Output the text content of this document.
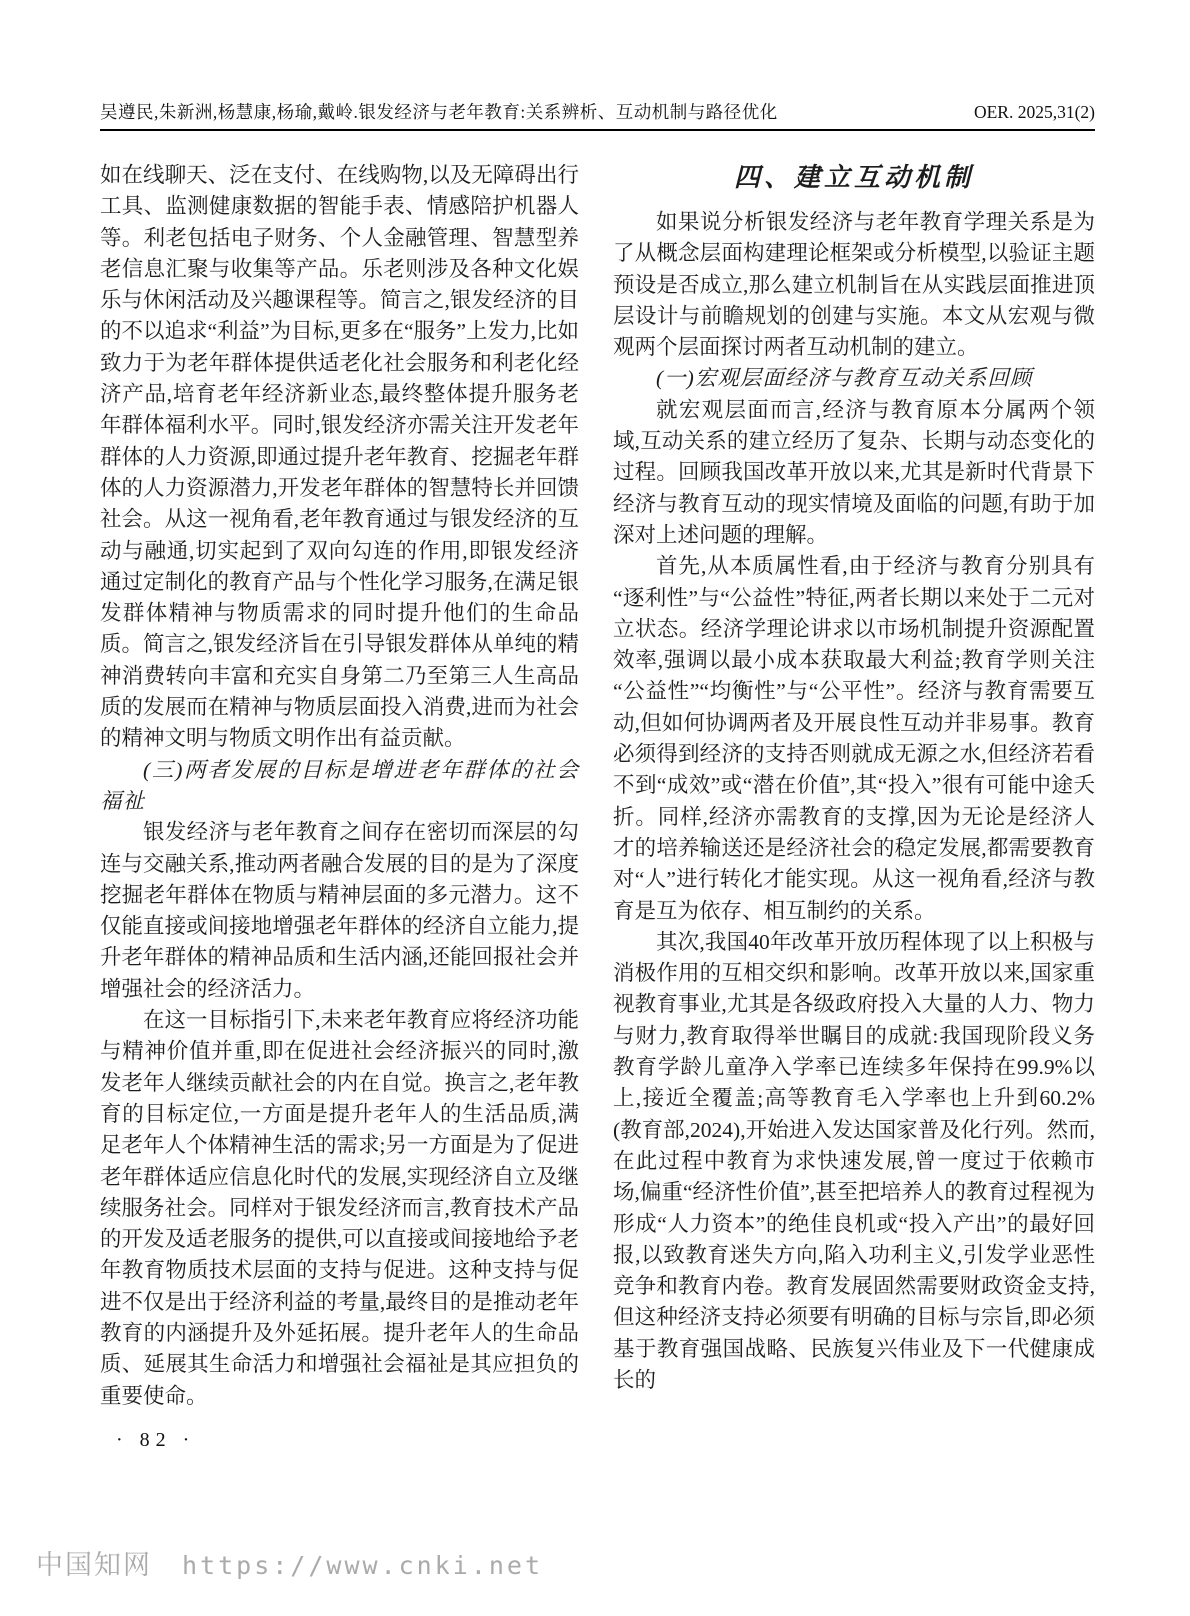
吴遵民,朱新洲,杨慧康,杨瑜,戴岭.银发经济与老年教育:关系辨析、互动机制与路径优化	OER. 2025,31(2)

如在线聊天、泛在支付、在线购物,以及无障碍出行工具、监测健康数据的智能手表、情感陪护机器人等。利老包括电子财务、个人金融管理、智慧型养老信息汇聚与收集等产品。乐老则涉及各种文化娱乐与休闲活动及兴趣课程等。简言之,银发经济的目的不以追求“利益”为目标,更多在“服务”上发力,比如致力于为老年群体提供适老化社会服务和利老化经济产品,培育老年经济新业态,最终整体提升服务老年群体福利水平。同时,银发经济亦需关注开发老年群体的人力资源,即通过提升老年教育、挖掘老年群体的人力资源潜力,开发老年群体的智慧特长并回馈社会。从这一视角看,老年教育通过与银发经济的互动与融通,切实起到了双向勾连的作用,即银发经济通过定制化的教育产品与个性化学习服务,在满足银发群体精神与物质需求的同时提升他们的生命品质。简言之,银发经济旨在引导银发群体从单纯的精神消费转向丰富和充实自身第二乃至第三人生高品质的发展而在精神与物质层面投入消费,进而为社会的精神文明与物质文明作出有益贡献。

(三)两者发展的目标是增进老年群体的社会福祉

银发经济与老年教育之间存在密切而深层的勾连与交融关系,推动两者融合发展的目的是为了深度挖掘老年群体在物质与精神层面的多元潜力。这不仅能直接或间接地增强老年群体的经济自立能力,提升老年群体的精神品质和生活内涵,还能回报社会并增强社会的经济活力。

在这一目标指引下,未来老年教育应将经济功能与精神价值并重,即在促进社会经济振兴的同时,激发老年人继续贡献社会的内在自觉。换言之,老年教育的目标定位,一方面是提升老年人的生活品质,满足老年人个体精神生活的需求;另一方面是为了促进老年群体适应信息化时代的发展,实现经济自立及继续服务社会。同样对于银发经济而言,教育技术产品的开发及适老服务的提供,可以直接或间接地给予老年教育物质技术层面的支持与促进。这种支持与促进不仅是出于经济利益的考量,最终目的是推动老年教育的内涵提升及外延拓展。提升老年人的生命品质、延展其生命活力和增强社会福祉是其应担负的重要使命。

· 82 ·
四、建立互动机制

如果说分析银发经济与老年教育学理关系是为了从概念层面构建理论框架或分析模型,以验证主题预设是否成立,那么建立机制旨在从实践层面推进顶层设计与前瞻规划的创建与实施。本文从宏观与微观两个层面探讨两者互动机制的建立。

(一)宏观层面经济与教育互动关系回顾

就宏观层面而言,经济与教育原本分属两个领域,互动关系的建立经历了复杂、长期与动态变化的过程。回顾我国改革开放以来,尤其是新时代背景下经济与教育互动的现实情境及面临的问题,有助于加深对上述问题的理解。

首先,从本质属性看,由于经济与教育分别具有“逐利性”与“公益性”特征,两者长期以来处于二元对立状态。经济学理论讲求以市场机制提升资源配置效率,强调以最小成本获取最大利益;教育学则关注“公益性”“均衡性”与“公平性”。经济与教育需要互动,但如何协调两者及开展良性互动并非易事。教育必须得到经济的支持否则就成无源之水,但经济若看不到“成效”或“潜在价值”,其“投入”很有可能中途夭折。同样,经济亦需教育的支撑,因为无论是经济人才的培养输送还是经济社会的稳定发展,都需要教育对“人”进行转化才能实现。从这一视角看,经济与教育是互为依存、相互制约的关系。

其次,我国40年改革开放历程体现了以上积极与消极作用的互相交织和影响。改革开放以来,国家重视教育事业,尤其是各级政府投入大量的人力、物力与财力,教育取得举世瞩目的成就:我国现阶段义务教育学龄儿童净入学率已连续多年保持在99.9%以上,接近全覆盖;高等教育毛入学率也上升到60.2%(教育部,2024),开始进入发达国家普及化行列。然而,在此过程中教育为求快速发展,曾一度过于依赖市场,偏重“经济性价值”,甚至把培养人的教育过程视为形成“人力资本”的绝佳良机或“投入产出”的最好回报,以致教育迷失方向,陷入功利主义,引发学业恶性竞争和教育内卷。教育发展固然需要财政资金支持,但这种经济支持必须要有明确的目标与宗旨,即必须基于教育强国战略、民族复兴伟业及下一代健康成长的

中国知网 https://www.cnki.net
